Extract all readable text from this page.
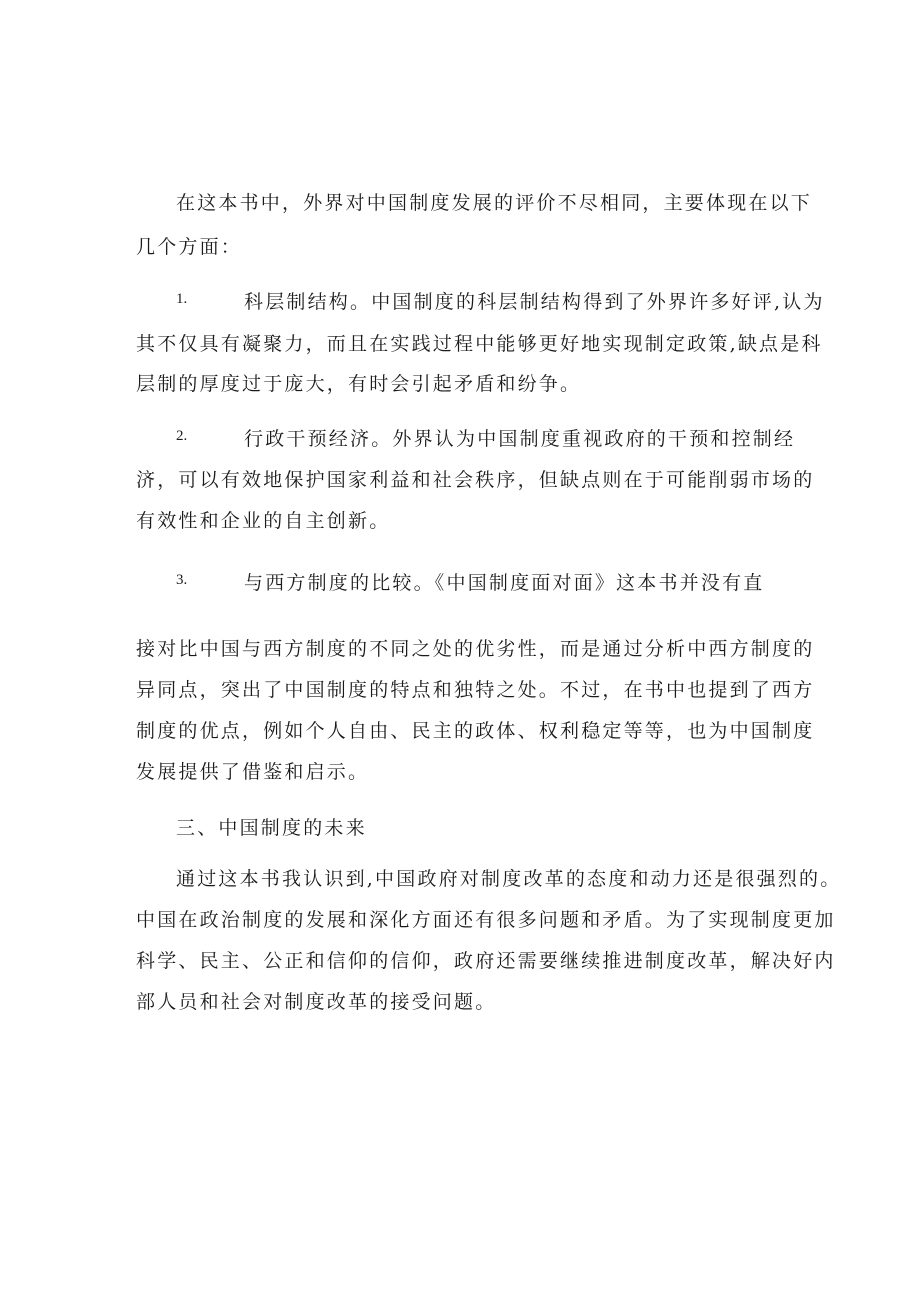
在这本书中，外界对中国制度发展的评价不尽相同，主要体现在以下
几个方面：
1.	科层制结构。中国制度的科层制结构得到了外界许多好评,认为
其不仅具有凝聚力，而且在实践过程中能够更好地实现制定政策,缺点是科
层制的厚度过于庞大，有时会引起矛盾和纷争。
2.	行政干预经济。外界认为中国制度重视政府的干预和控制经
济，可以有效地保护国家利益和社会秩序，但缺点则在于可能削弱市场的
有效性和企业的自主创新。
3.	与西方制度的比较。《中国制度面对面》这本书并没有直
接对比中国与西方制度的不同之处的优劣性，而是通过分析中西方制度的
异同点，突出了中国制度的特点和独特之处。不过，在书中也提到了西方
制度的优点，例如个人自由、民主的政体、权利稳定等等，也为中国制度
发展提供了借鉴和启示。
三、中国制度的未来
通过这本书我认识到,中国政府对制度改革的态度和动力还是很强烈的。
中国在政治制度的发展和深化方面还有很多问题和矛盾。为了实现制度更加
科学、民主、公正和信仰的信仰，政府还需要继续推进制度改革，解决好内
部人员和社会对制度改革的接受问题。
